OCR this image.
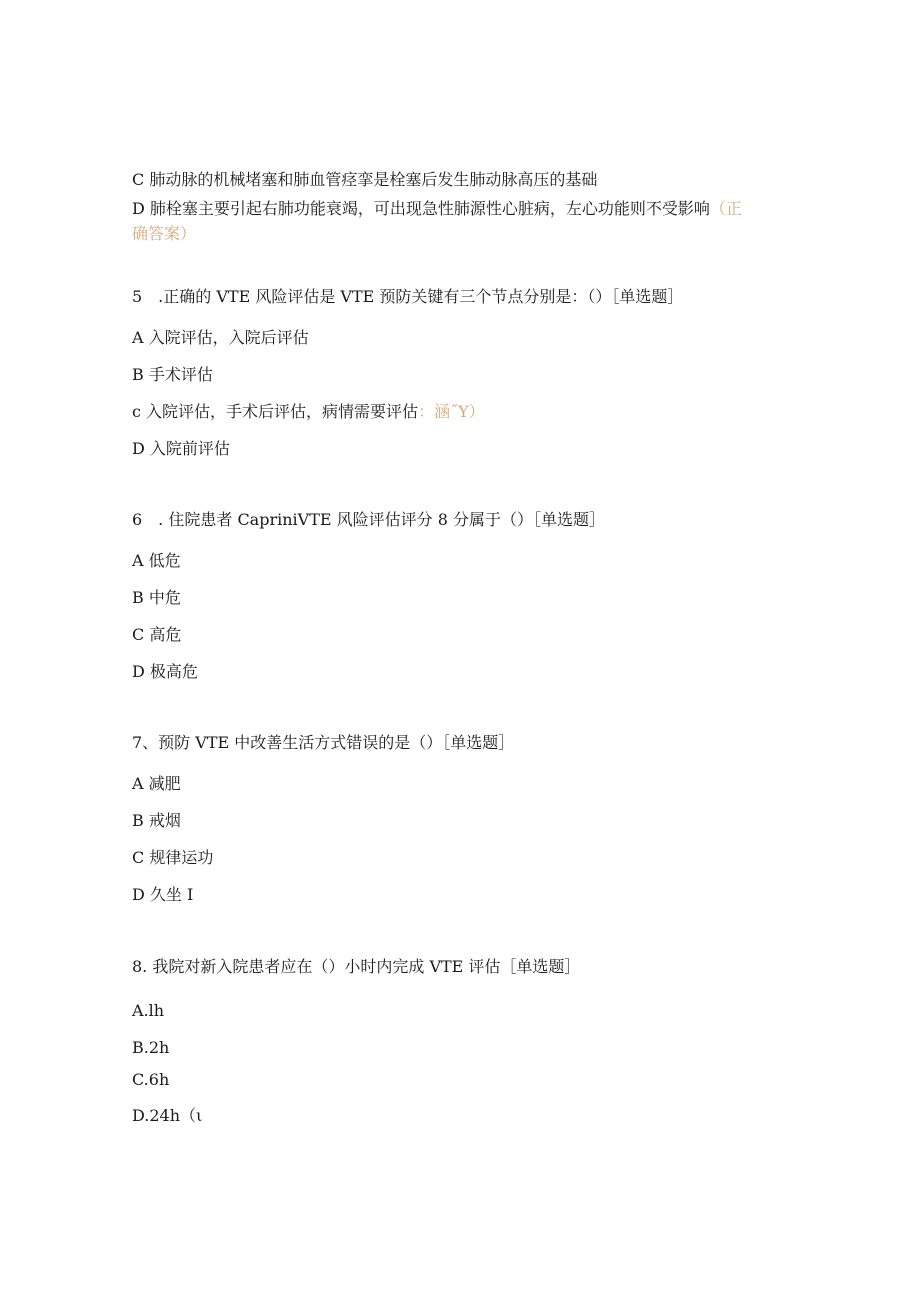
C 肺动脉的机械堵塞和肺血管痉挛是栓塞后发生肺动脉高压的基础
D 肺栓塞主要引起右肺功能衰竭，可出现急性肺源性心脏病，左心功能则不受影响（正
确答案）
5　.正确的 VTE 风险评估是 VTE 预防关键有三个节点分别是：（）［单选题］
A 入院评估，入院后评估
B 手术评估
c 入院评估，手术后评估，病情需要评估：涵˝Y）
D 入院前评估
6　. 住院患者 CapriniVTE 风险评估评分 8 分属于（）［单选题］
A 低危
B 中危
C 高危
D 极高危
7、预防 VTE 中改善生活方式错误的是（）［单选题］
A 减肥
B 戒烟
C 规律运功
D 久坐 I
8. 我院对新入院患者应在（）小时内完成 VTE 评估［单选题］
A.lh
B.2h
C.6h
D.24h（ι
